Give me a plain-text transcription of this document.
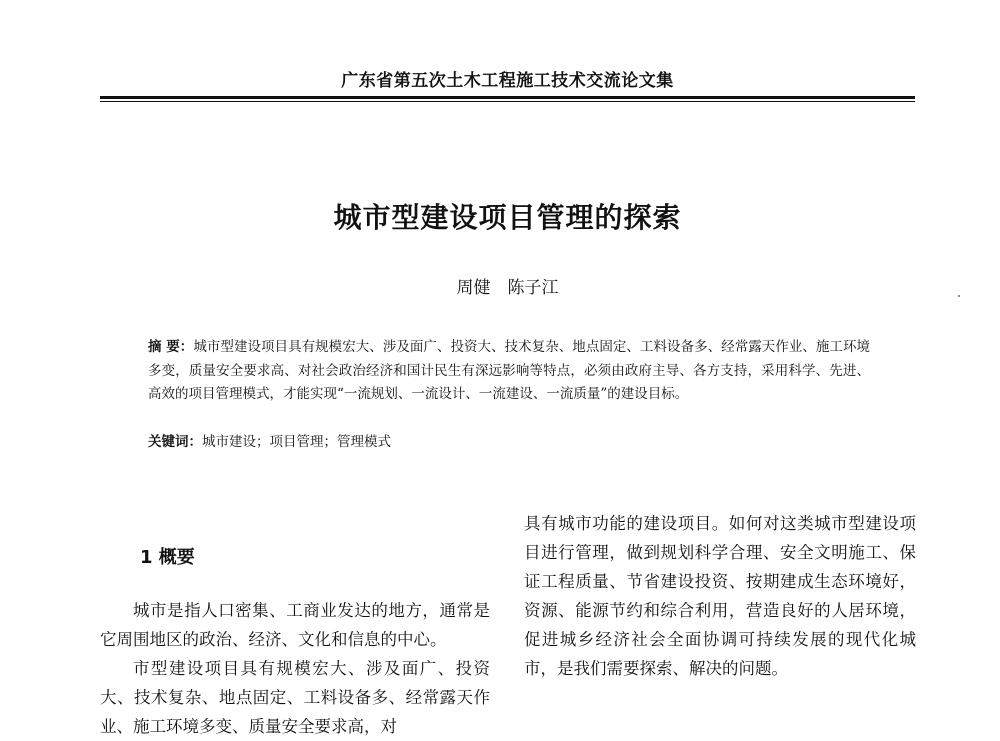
广东省第五次土木工程施工技术交流论文集
城市型建设项目管理的探索
周健　陈子江
摘 要：城市型建设项目具有规模宏大、涉及面广、投资大、技术复杂、地点固定、工料设备多、经常露天作业、施工环境多变，质量安全要求高、对社会政治经济和国计民生有深远影响等特点，必须由政府主导、各方支持，采用科学、先进、高效的项目管理模式，才能实现“一流规划、一流设计、一流建设、一流质量”的建设目标。
关键词：城市建设；项目管理；管理模式
1 概要

城市是指人口密集、工商业发达的地方，通常是它周围地区的政治、经济、文化和信息的中心。

市型建设项目具有规模宏大、涉及面广、投资大、技术复杂、地点固定、工料设备多、经常露天作业、施工环境多变、质量安全要求高，对

具有城市功能的建设项目。如何对这类城市型建设项目进行管理，做到规划科学合理、安全文明施工、保证工程质量、节省建设投资、按期建成生态环境好，资源、能源节约和综合利用，营造良好的人居环境，促进城乡经济社会全面协调可持续发展的现代化城市，是我们需要探索、解决的问题。
